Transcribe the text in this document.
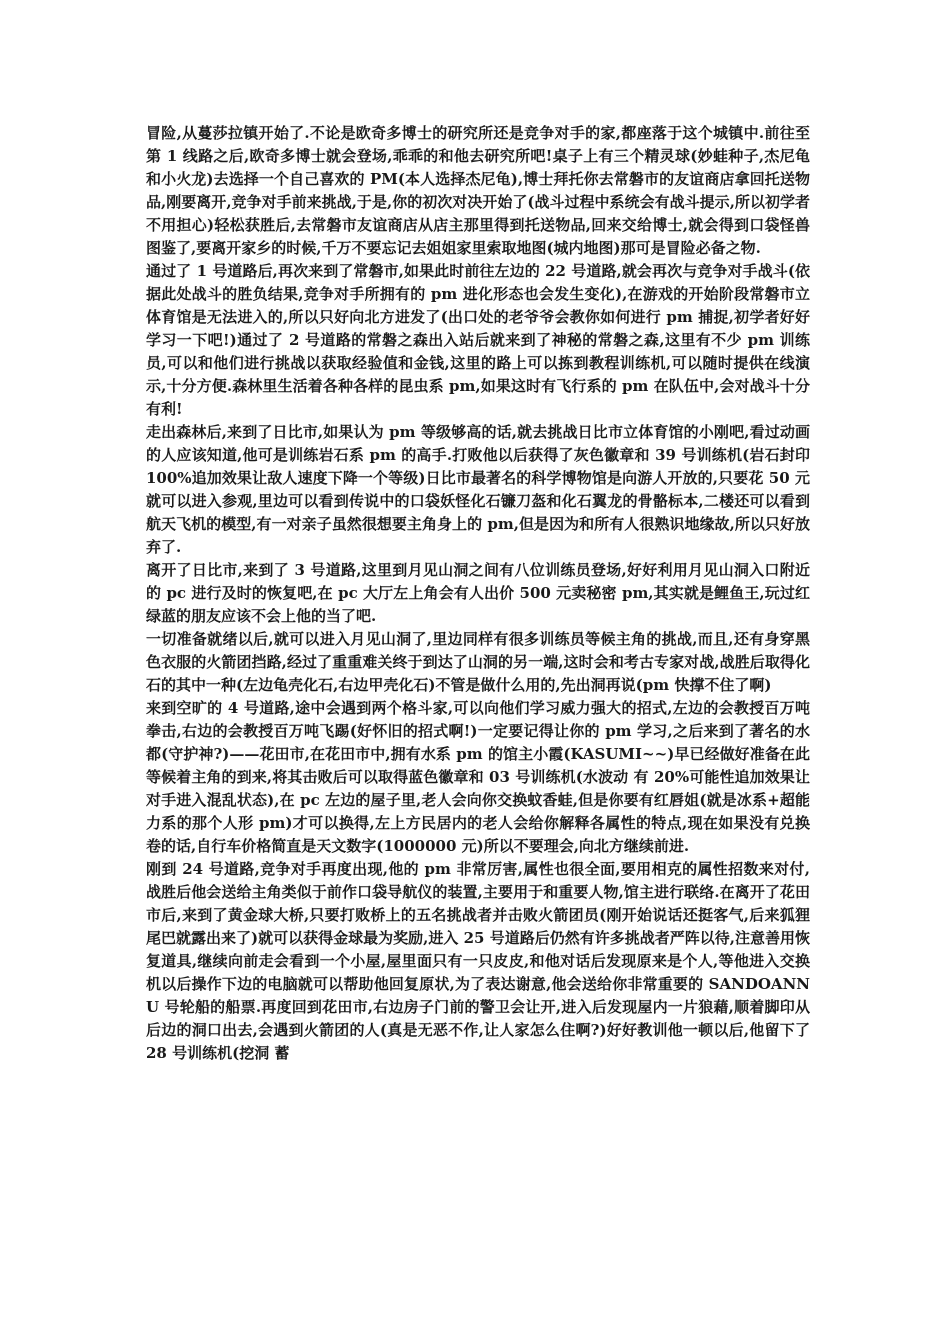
冒险,从蔓莎拉镇开始了.不论是欧奇多博士的研究所还是竞争对手的家,都座落于这个城镇中.前往至第 1 线路之后,欧奇多博士就会登场,乖乖的和他去研究所吧!桌子上有三个精灵球(妙蛙种子,杰尼龟和小火龙)去选择一个自己喜欢的 PM(本人选择杰尼龟),博士拜托你去常磐市的友谊商店拿回托送物品,刚要离开,竞争对手前来挑战,于是,你的初次对决开始了(战斗过程中系统会有战斗提示,所以初学者不用担心)轻松获胜后,去常磐市友谊商店从店主那里得到托送物品,回来交给博士,就会得到口袋怪兽图鉴了,要离开家乡的时候,千万不要忘记去姐姐家里索取地图(城内地图)那可是冒险必备之物.

通过了 1 号道路后,再次来到了常磐市,如果此时前往左边的 22 号道路,就会再次与竞争对手战斗(依据此处战斗的胜负结果,竞争对手所拥有的 pm 进化形态也会发生变化),在游戏的开始阶段常磐市立体育馆是无法进入的,所以只好向北方进发了(出口处的老爷爷会教你如何进行 pm 捕捉,初学者好好学习一下吧!)通过了 2 号道路的常磐之森出入站后就来到了神秘的常磐之森,这里有不少 pm 训练员,可以和他们进行挑战以获取经验值和金钱,这里的路上可以拣到教程训练机,可以随时提供在线演示,十分方便.森林里生活着各种各样的昆虫系 pm,如果这时有飞行系的 pm 在队伍中,会对战斗十分有利!

走出森林后,来到了日比市,如果认为 pm 等级够高的话,就去挑战日比市立体育馆的小刚吧,看过动画的人应该知道,他可是训练岩石系 pm 的高手.打败他以后获得了灰色徽章和 39 号训练机(岩石封印 100%追加效果让敌人速度下降一个等级)日比市最著名的科学博物馆是向游人开放的,只要花 50 元就可以进入参观,里边可以看到传说中的口袋妖怪化石镰刀盔和化石翼龙的骨骼标本,二楼还可以看到航天飞机的模型,有一对亲子虽然很想要主角身上的 pm,但是因为和所有人很熟识地缘故,所以只好放弃了.

离开了日比市,来到了 3 号道路,这里到月见山洞之间有八位训练员登场,好好利用月见山洞入口附近的 pc 进行及时的恢复吧,在 pc 大厅左上角会有人出价 500 元卖秘密 pm,其实就是鲤鱼王,玩过红绿蓝的朋友应该不会上他的当了吧.

一切准备就绪以后,就可以进入月见山洞了,里边同样有很多训练员等候主角的挑战,而且,还有身穿黑色衣服的火箭团挡路,经过了重重难关终于到达了山洞的另一端,这时会和考古专家对战,战胜后取得化石的其中一种(左边龟壳化石,右边甲壳化石)不管是做什么用的,先出洞再说(pm 快撑不住了啊)

来到空旷的 4 号道路,途中会遇到两个格斗家,可以向他们学习威力强大的招式,左边的会教授百万吨拳击,右边的会教授百万吨飞踢(好怀旧的招式啊!)一定要记得让你的 pm 学习,之后来到了著名的水都(守护神?)——花田市,在花田市中,拥有水系 pm 的馆主小霞(KASUMI~~)早已经做好准备在此等候着主角的到来,将其击败后可以取得蓝色徽章和 03 号训练机(水波动 有 20%可能性追加效果让对手进入混乱状态),在 pc 左边的屋子里,老人会向你交换蚊香蛙,但是你要有红唇姐(就是冰系+超能力系的那个人形 pm)才可以换得,左上方民居内的老人会给你解释各属性的特点,现在如果没有兑换卷的话,自行车价格简直是天文数字(1000000 元)所以不要理会,向北方继续前进.

刚到 24 号道路,竞争对手再度出现,他的 pm 非常厉害,属性也很全面,要用相克的属性招数来对付,战胜后他会送给主角类似于前作口袋导航仪的装置,主要用于和重要人物,馆主进行联络.在离开了花田市后,来到了黄金球大桥,只要打败桥上的五名挑战者并击败火箭团员(刚开始说话还挺客气,后来狐狸尾巴就露出来了)就可以获得金球最为奖励,进入 25 号道路后仍然有许多挑战者严阵以待,注意善用恢复道具,继续向前走会看到一个小屋,屋里面只有一只皮皮,和他对话后发现原来是个人,等他进入交换机以后操作下边的电脑就可以帮助他回复原状,为了表达谢意,他会送给你非常重要的 SANDOANNU 号轮船的船票.再度回到花田市,右边房子门前的警卫会让开,进入后发现屋内一片狼藉,顺着脚印从后边的洞口出去,会遇到火箭团的人(真是无恶不作,让人家怎么住啊?)好好教训他一顿以后,他留下了 28 号训练机(挖洞 蓄
